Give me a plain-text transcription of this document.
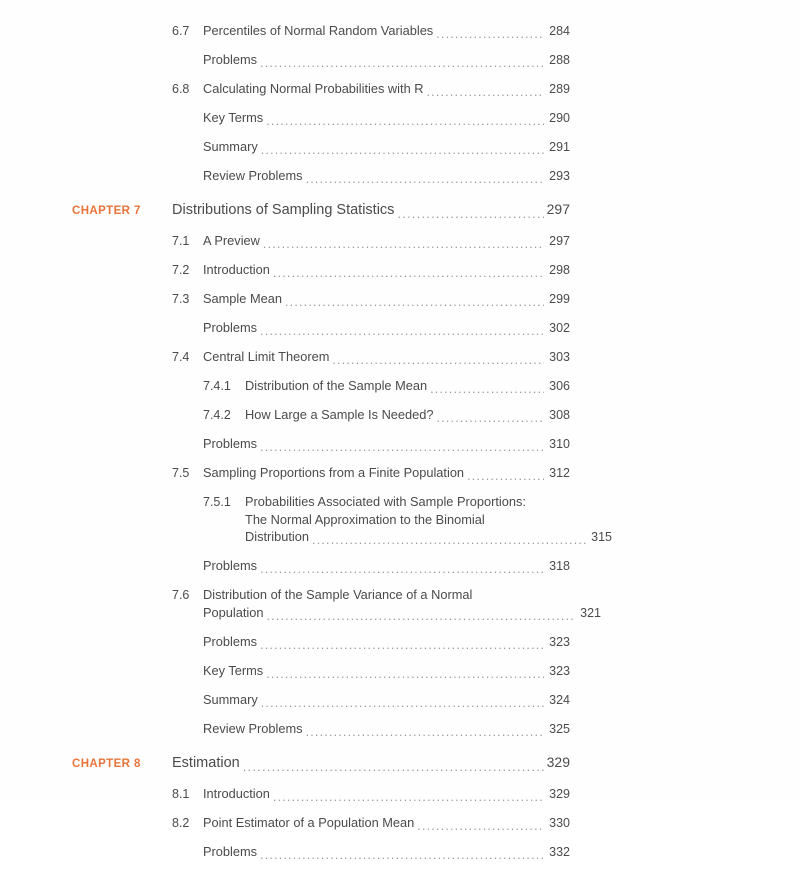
6.7	Percentiles of Normal Random Variables .....	284
Problems .....	288
6.8	Calculating Normal Probabilities with R .....	289
Key Terms .....	290
Summary .....	291
Review Problems .....	293
CHAPTER 7	Distributions of Sampling Statistics .....	297
7.1	A Preview .....	297
7.2	Introduction .....	298
7.3	Sample Mean .....	299
Problems .....	302
7.4	Central Limit Theorem .....	303
7.4.1	Distribution of the Sample Mean .....	306
7.4.2	How Large a Sample Is Needed? .....	308
Problems .....	310
7.5	Sampling Proportions from a Finite Population .....	312
7.5.1	Probabilities Associated with Sample Proportions:
The Normal Approximation to the Binomial
Distribution .....	315
Problems .....	318
7.6	Distribution of the Sample Variance of a Normal
Population .....	321
Problems .....	323
Key Terms .....	323
Summary .....	324
Review Problems .....	325
CHAPTER 8	Estimation .....	329
8.1	Introduction .....	329
8.2	Point Estimator of a Population Mean .....	330
Problems .....	332
